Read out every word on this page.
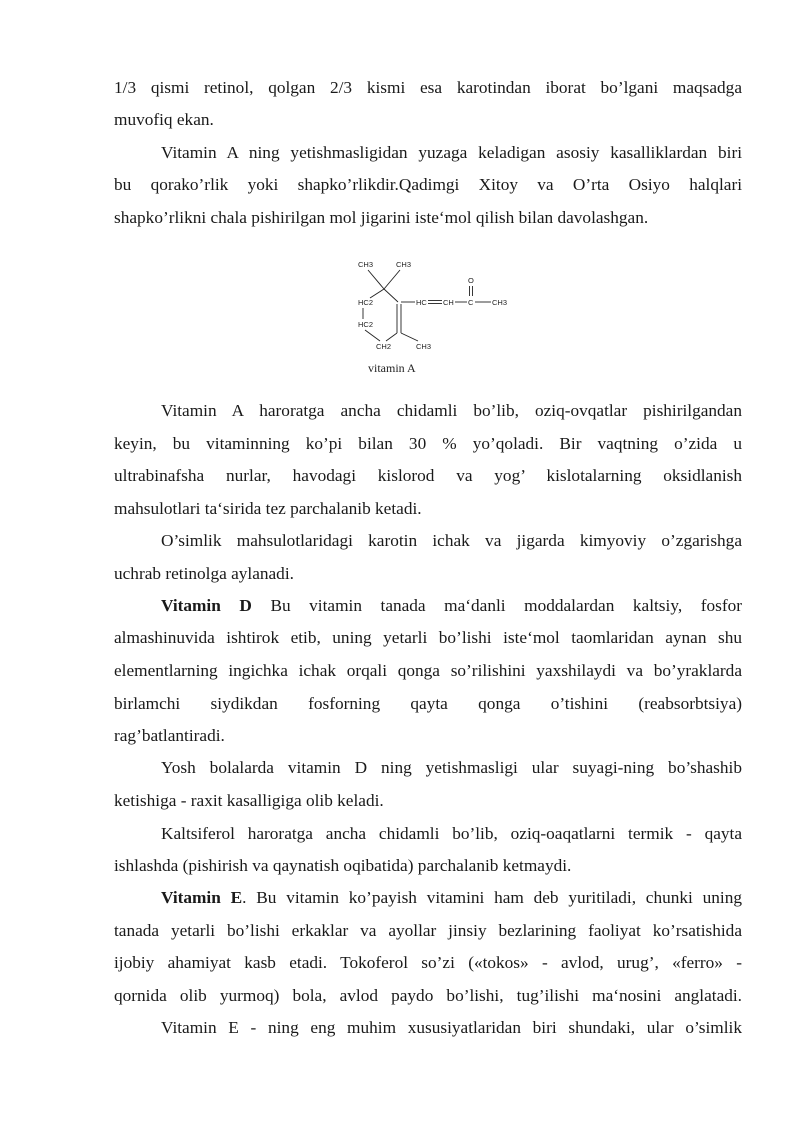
1/3 qismi retinol, qolgan 2/3 kismi esa karotindan iborat bo’lgani maqsadga
muvofiq ekan.
Vitamin A ning yetishmasligidan yuzaga keladigan asosiy kasalliklardan biri
bu qorako’rlik yoki shapko’rlikdir.Qadimgi Xitoy va O’rta Osiyo halqlari
shapko’rlikni chala pishirilgan mol jigarini iste‘mol qilish bilan davolashgan.
CH3	CH3
O
HC2
HC2
HC CH C CH3
CH2	CH3
vitamin A
Vitamin A haroratga ancha chidamli bo’lib, oziq-ovqatlar pishirilgandan
keyin, bu vitaminning ko’pi bilan 30 % yo’qoladi. Bir vaqtning o’zida u
ultrabinafsha nurlar, havodagi kislorod va yog’ kislotalarning oksidlanish
mahsulotlari ta‘sirida tez parchalanib ketadi.
O’simlik mahsulotlaridagi karotin ichak va jigarda kimyoviy o’zgarishga
uchrab retinolga aylanadi.
Vitamin D Bu vitamin tanada ma‘danli moddalardan kaltsiy, fosfor
almashinuvida ishtirok etib, uning yetarli bo’lishi iste‘mol taomlaridan aynan shu
elementlarning ingichka ichak orqali qonga so’rilishini yaxshilaydi va bo’yraklarda
birlamchi siydikdan fosforning qayta qonga o’tishini (reabsorbtsiya)
rag’batlantiradi.
Yosh bolalarda vitamin D ning yetishmasligi ular suyagi-ning bo’shashib
ketishiga - raxit kasalligiga olib keladi.
Kaltsiferol haroratga ancha chidamli bo’lib, oziq-oaqatlarni termik - qayta
ishlashda (pishirish va qaynatish oqibatida) parchalanib ketmaydi.
Vitamin E. Bu vitamin ko’payish vitamini ham deb yuritiladi, chunki uning
tanada yetarli bo’lishi erkaklar va ayollar jinsiy bezlarining faoliyat ko’rsatishida
ijobiy ahamiyat kasb etadi. Tokoferol so’zi («tokos» - avlod, urug’, «ferro» -
qornida olib yurmoq) bola, avlod paydo bo’lishi, tug’ilishi ma‘nosini anglatadi.
Vitamin E - ning eng muhim xususiyatlaridan biri shundaki, ular o’simlik
